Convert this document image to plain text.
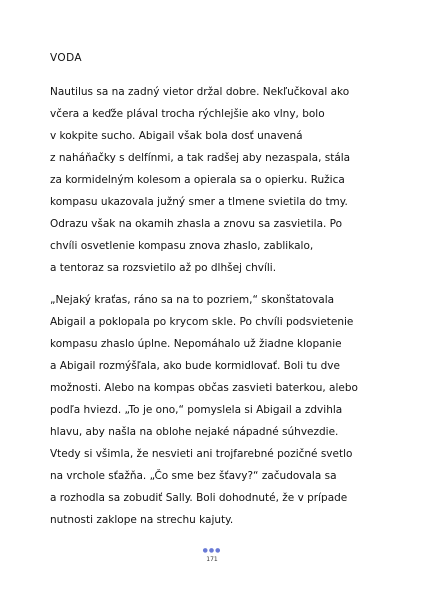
VODA
Nautilus sa na zadný vietor držal dobre. Nekľučkoval ako
včera a keďže plával trocha rýchlejšie ako vlny, bolo
v kokpite sucho. Abigail však bola dosť unavená
z naháňačky s delfínmi, a tak radšej aby nezaspala, stála
za kormidelným kolesom a opierala sa o opierku. Ružica
kompasu ukazovala južný smer a tlmene svietila do tmy.
Odrazu však na okamih zhasla a znovu sa zasvietila. Po
chvíli osvetlenie kompasu znova zhaslo, zablikalo,
a tentoraz sa rozsvietilo až po dlhšej chvíli.
„Nejaký kraťas, ráno sa na to pozriem,“ skonštatovala
Abigail a poklopala po krycom skle. Po chvíli podsvietenie
kompasu zhaslo úplne. Nepomáhalo už žiadne klopanie
a Abigail rozmýšľala, ako bude kormidlovať. Boli tu dve
možnosti. Alebo na kompas občas zasvieti baterkou, alebo
podľa hviezd. „To je ono,“ pomyslela si Abigail a zdvihla
hlavu, aby našla na oblohe nejaké nápadné súhvezdie.
Vtedy si všimla, že nesvieti ani trojfarebné pozičné svetlo
na vrchole sťažňa. „Čo sme bez šťavy?“ začudovala sa
a rozhodla sa zobudiť Sally. Boli dohodnuté, že v prípade
nutnosti zaklope na strechu kajuty.
●●●
171
